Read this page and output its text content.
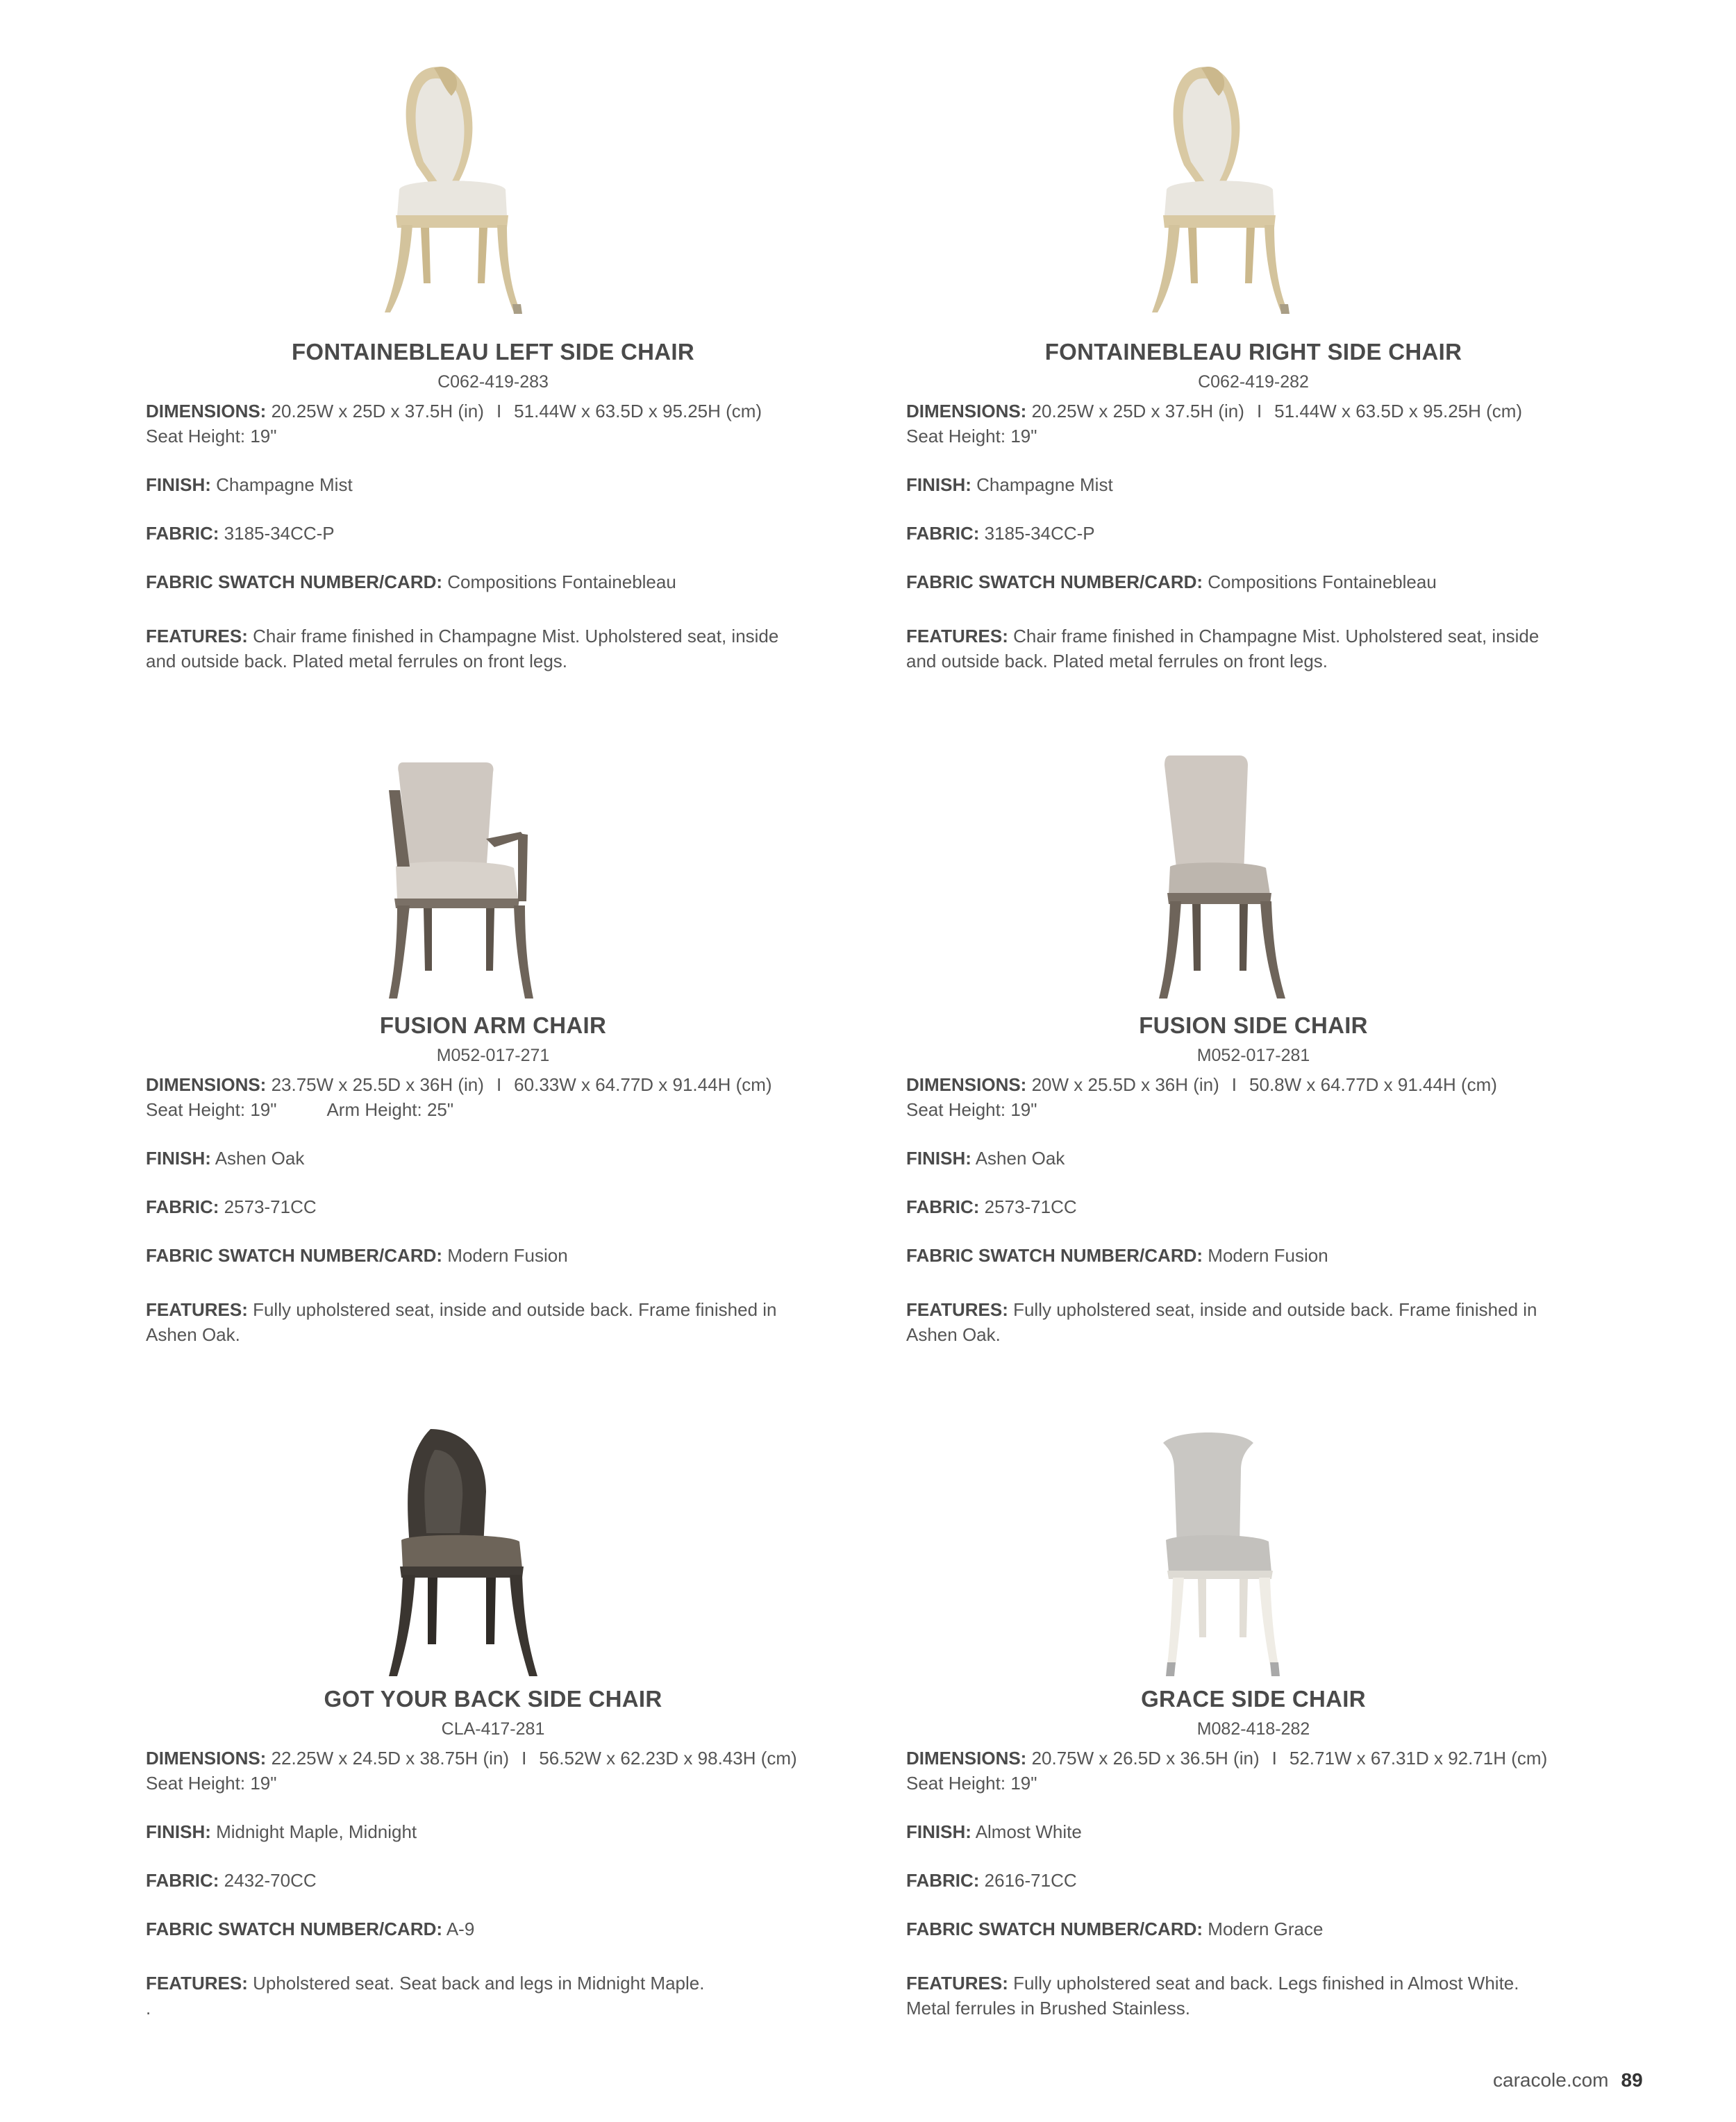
FONTAINEBLEAU LEFT SIDE CHAIR
C062-419-283
DIMENSIONS: 20.25W x 25D x 37.5H (in) I 51.44W x 63.5D x 95.25H (cm)
Seat Height: 19"
FINISH: Champagne Mist
FABRIC: 3185-34CC-P
FABRIC SWATCH NUMBER/CARD: Compositions Fontainebleau
FEATURES: Chair frame finished in Champagne Mist. Upholstered seat, inside
and outside back. Plated metal ferrules on front legs.
FONTAINEBLEAU RIGHT SIDE CHAIR
C062-419-282
DIMENSIONS: 20.25W x 25D x 37.5H (in) I 51.44W x 63.5D x 95.25H (cm)
Seat Height: 19"
FINISH: Champagne Mist
FABRIC: 3185-34CC-P
FABRIC SWATCH NUMBER/CARD: Compositions Fontainebleau
FEATURES: Chair frame finished in Champagne Mist. Upholstered seat, inside
and outside back. Plated metal ferrules on front legs.
FUSION ARM CHAIR
M052-017-271
DIMENSIONS: 23.75W x 25.5D x 36H (in) I 60.33W x 64.77D x 91.44H (cm)
Seat Height: 19"	Arm Height: 25"
FINISH: Ashen Oak
FABRIC: 2573-71CC
FABRIC SWATCH NUMBER/CARD: Modern Fusion
FEATURES: Fully upholstered seat, inside and outside back. Frame finished in
Ashen Oak.
FUSION SIDE CHAIR
M052-017-281
DIMENSIONS: 20W x 25.5D x 36H (in) I 50.8W x 64.77D x 91.44H (cm)
Seat Height: 19"
FINISH: Ashen Oak
FABRIC: 2573-71CC
FABRIC SWATCH NUMBER/CARD: Modern Fusion
FEATURES: Fully upholstered seat, inside and outside back. Frame finished in
Ashen Oak.
GOT YOUR BACK SIDE CHAIR
CLA-417-281
DIMENSIONS: 22.25W x 24.5D x 38.75H (in) I 56.52W x 62.23D x 98.43H (cm)
Seat Height: 19"
FINISH: Midnight Maple, Midnight
FABRIC: 2432-70CC
FABRIC SWATCH NUMBER/CARD: A-9
FEATURES: Upholstered seat. Seat back and legs in Midnight Maple.
.
GRACE SIDE CHAIR
M082-418-282
DIMENSIONS: 20.75W x 26.5D x 36.5H (in) I 52.71W x 67.31D x 92.71H (cm)
Seat Height: 19"
FINISH: Almost White
FABRIC: 2616-71CC
FABRIC SWATCH NUMBER/CARD: Modern Grace
FEATURES: Fully upholstered seat and back. Legs finished in Almost White.
Metal ferrules in Brushed Stainless.
caracole.com 89
